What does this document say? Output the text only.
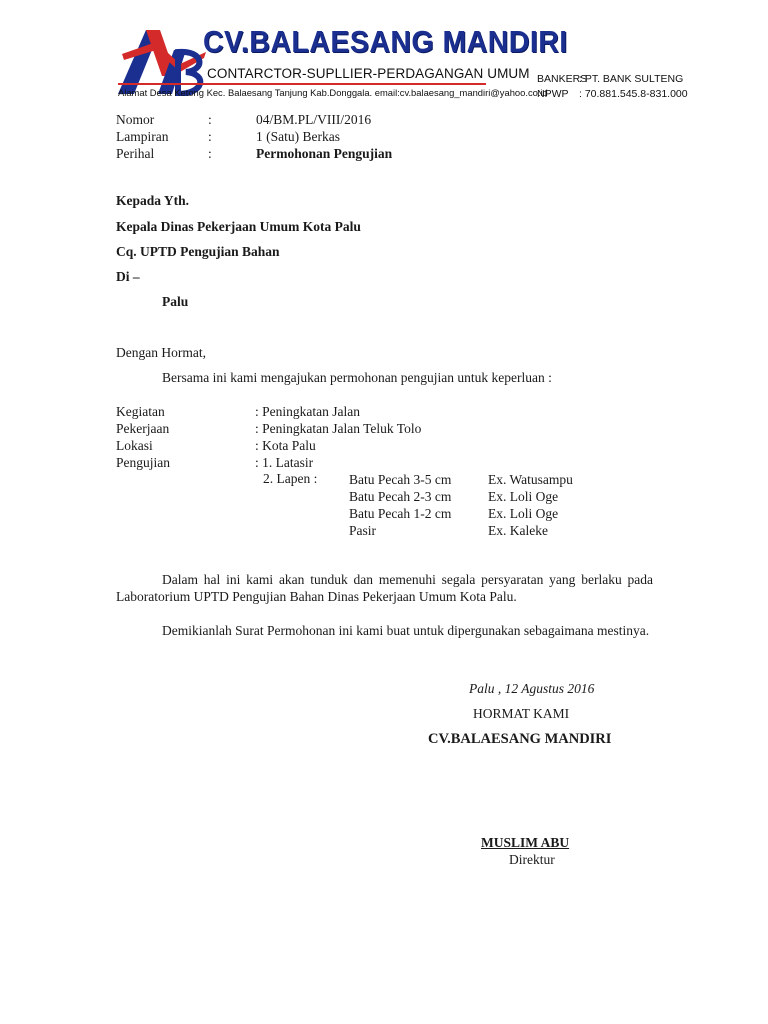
CV.BALAESANG MANDIRI
CONTARCTOR-SUPLLIER-PERDAGANGAN UMUM
Alamat Desa Ketong Kec. Balaesang Tanjung Kab.Donggala. email:cv.balaesang_mandiri@yahoo.co.id
BANKERS: PT. BANK SULTENG
NPWP : 70.881.545.8-831.000
Nomor	:	04/BM.PL/VIII/2016
Lampiran	:	1 (Satu) Berkas
Perihal	:	Permohonan Pengujian
Kepada Yth.
Kepala Dinas Pekerjaan Umum Kota Palu
Cq. UPTD Pengujian Bahan
Di –
Palu
Dengan Hormat,
Bersama ini kami mengajukan permohonan pengujian untuk keperluan :
Kegiatan	: Peningkatan Jalan
Pekerjaan	: Peningkatan Jalan Teluk Tolo
Lokasi	: Kota Palu
Pengujian	: 1. Latasir
2. Lapen : Batu Pecah 3-5 cm	Ex. Watusampu
Batu Pecah 2-3 cm	Ex. Loli Oge
Batu Pecah 1-2 cm	Ex. Loli Oge
Pasir	Ex. Kaleke
Dalam hal ini kami akan tunduk dan memenuhi segala persyaratan yang berlaku pada Laboratorium UPTD Pengujian Bahan Dinas Pekerjaan Umum Kota Palu.
Demikianlah Surat Permohonan ini kami buat untuk dipergunakan sebagaimana mestinya.
Palu , 12 Agustus 2016
HORMAT KAMI
CV.BALAESANG MANDIRI
MUSLIM ABU
Direktur
